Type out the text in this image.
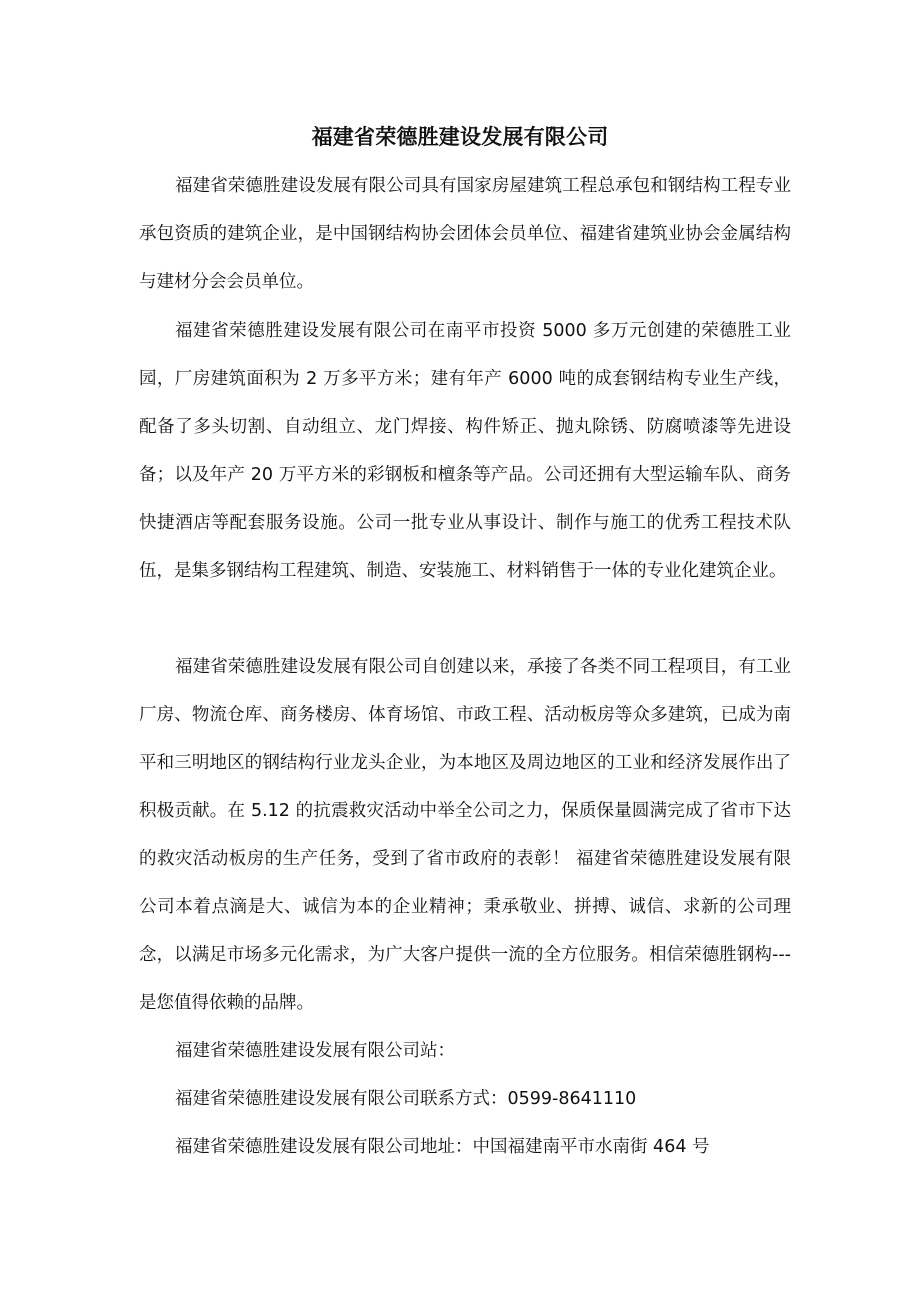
福建省荣德胜建设发展有限公司

福建省荣德胜建设发展有限公司具有国家房屋建筑工程总承包和钢结构工程专业承包资质的建筑企业，是中国钢结构协会团体会员单位、福建省建筑业协会金属结构与建材分会会员单位。

福建省荣德胜建设发展有限公司在南平市投资 5000 多万元创建的荣德胜工业园，厂房建筑面积为 2 万多平方米；建有年产 6000 吨的成套钢结构专业生产线，配备了多头切割、自动组立、龙门焊接、构件矫正、抛丸除锈、防腐喷漆等先进设备；以及年产 20 万平方米的彩钢板和檀条等产品。公司还拥有大型运输车队、商务快捷酒店等配套服务设施。公司一批专业从事设计、制作与施工的优秀工程技术队伍，是集多钢结构工程建筑、制造、安装施工、材料销售于一体的专业化建筑企业。

福建省荣德胜建设发展有限公司自创建以来，承接了各类不同工程项目，有工业厂房、物流仓库、商务楼房、体育场馆、市政工程、活动板房等众多建筑，已成为南平和三明地区的钢结构行业龙头企业，为本地区及周边地区的工业和经济发展作出了积极贡献。在 5.12 的抗震救灾活动中举全公司之力，保质保量圆满完成了省市下达的救灾活动板房的生产任务，受到了省市政府的表彰！ 福建省荣德胜建设发展有限公司本着点滴是大、诚信为本的企业精神；秉承敬业、拼搏、诚信、求新的公司理念，以满足市场多元化需求，为广大客户提供一流的全方位服务。相信荣德胜钢构---是您值得依赖的品牌。

福建省荣德胜建设发展有限公司站：
福建省荣德胜建设发展有限公司联系方式：0599-8641110
福建省荣德胜建设发展有限公司地址：中国福建南平市水南街 464 号
